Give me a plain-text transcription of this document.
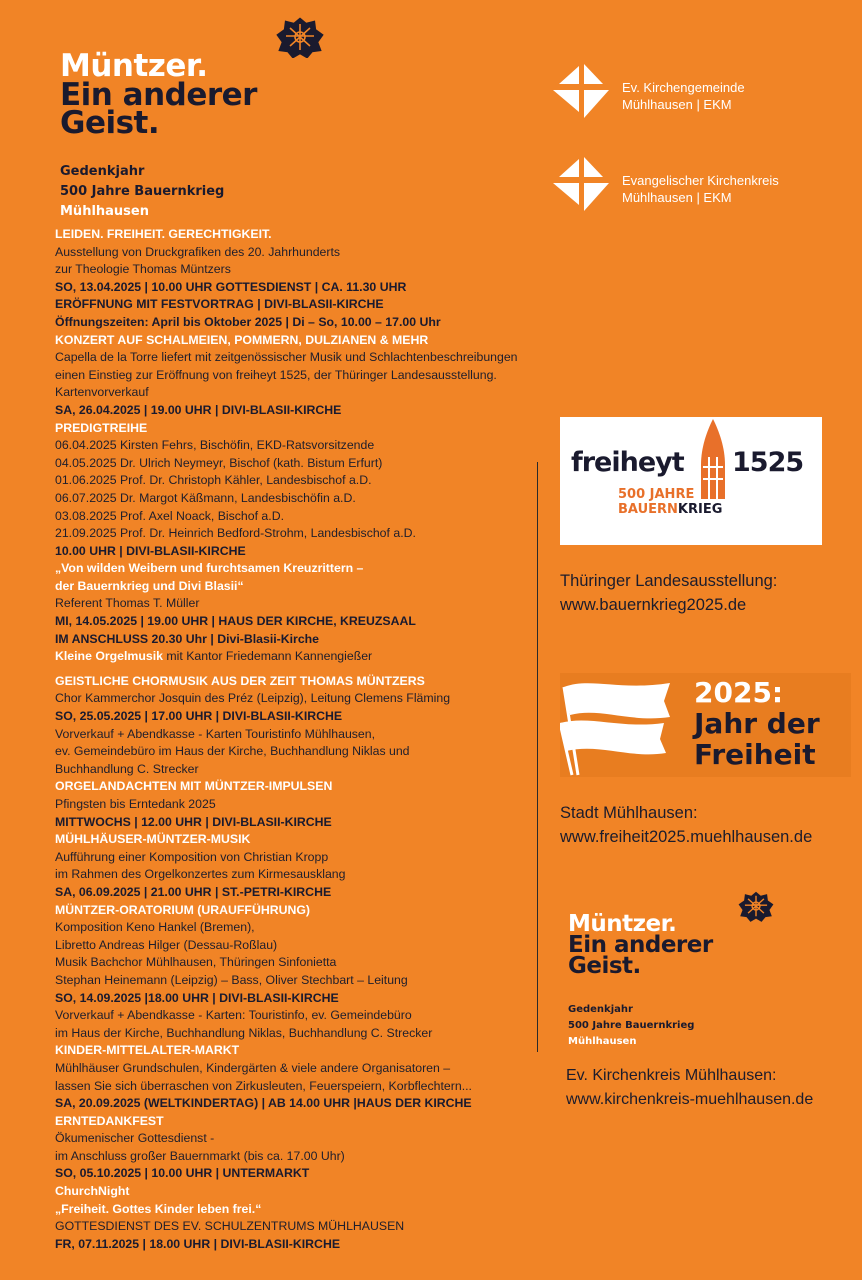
Müntzer.
Ein anderer
Geist.
Gedenkjahr
500 Jahre Bauernkrieg
Mühlhausen
Ev. Kirchengemeinde
Mühlhausen | EKM
Evangelischer Kirchenkreis
Mühlhausen | EKM
LEIDEN. FREIHEIT. GERECHTIGKEIT.
Ausstellung von Druckgrafiken des 20. Jahrhunderts
zur Theologie Thomas Müntzers
SO, 13.04.2025 | 10.00 UHR GOTTESDIENST | CA. 11.30 UHR
ERÖFFNUNG MIT FESTVORTRAG | DIVI-BLASII-KIRCHE
Öffnungszeiten: April bis Oktober 2025 | Di – So, 10.00 – 17.00 Uhr
KONZERT AUF SCHALMEIEN, POMMERN, DULZIANEN & MEHR
Capella de la Torre liefert mit zeitgenössischer Musik und Schlachtenbeschreibungen
einen Einstieg zur Eröffnung von freiheyt 1525, der Thüringer Landesausstellung.
Kartenvorverkauf
SA, 26.04.2025 | 19.00 UHR | DIVI-BLASII-KIRCHE
PREDIGTREIHE
06.04.2025 Kirsten Fehrs, Bischöfin, EKD-Ratsvorsitzende
04.05.2025 Dr. Ulrich Neymeyr, Bischof (kath. Bistum Erfurt)
01.06.2025 Prof. Dr. Christoph Kähler, Landesbischof a.D.
06.07.2025 Dr. Margot Käßmann, Landesbischöfin a.D.
03.08.2025 Prof. Axel Noack, Bischof a.D.
21.09.2025 Prof. Dr. Heinrich Bedford-Strohm, Landesbischof a.D.
10.00 UHR | DIVI-BLASII-KIRCHE
„Von wilden Weibern und furchtsamen Kreuzrittern –
der Bauernkrieg und Divi Blasii“
Referent Thomas T. Müller
MI, 14.05.2025 | 19.00 UHR | HAUS DER KIRCHE, KREUZSAAL
IM ANSCHLUSS 20.30 Uhr | Divi-Blasii-Kirche
Kleine Orgelmusik mit Kantor Friedemann Kannengießer
GEISTLICHE CHORMUSIK AUS DER ZEIT THOMAS MÜNTZERS
Chor Kammerchor Josquin des Préz (Leipzig), Leitung Clemens Fläming
SO, 25.05.2025 | 17.00 UHR | DIVI-BLASII-KIRCHE
Vorverkauf + Abendkasse - Karten Touristinfo Mühlhausen,
ev. Gemeindebüro im Haus der Kirche, Buchhandlung Niklas und
Buchhandlung C. Strecker
ORGELANDACHTEN MIT MÜNTZER-IMPULSEN
Pfingsten bis Erntedank 2025
MITTWOCHS | 12.00 UHR | DIVI-BLASII-KIRCHE
MÜHLHÄUSER-MÜNTZER-MUSIK
Aufführung einer Komposition von Christian Kropp
im Rahmen des Orgelkonzertes zum Kirmesausklang
SA, 06.09.2025 | 21.00 UHR | ST.-PETRI-KIRCHE
MÜNTZER-ORATORIUM (URAUFFÜHRUNG)
Komposition Keno Hankel (Bremen),
Libretto Andreas Hilger (Dessau-Roßlau)
Musik Bachchor Mühlhausen, Thüringen Sinfonietta
Stephan Heinemann (Leipzig) – Bass, Oliver Stechbart – Leitung
SO, 14.09.2025 |18.00 UHR | DIVI-BLASII-KIRCHE
Vorverkauf + Abendkasse - Karten: Touristinfo, ev. Gemeindebüro
im Haus der Kirche, Buchhandlung Niklas, Buchhandlung C. Strecker
KINDER-MITTELALTER-MARKT
Mühlhäuser Grundschulen, Kindergärten & viele andere Organisatoren –
lassen Sie sich überraschen von Zirkusleuten, Feuerspeiern, Korbflechtern...
SA, 20.09.2025 (WELTKINDERTAG) | AB 14.00 UHR |HAUS DER KIRCHE
ERNTEDANKFEST
Ökumenischer Gottesdienst -
im Anschluss großer Bauernmarkt (bis ca. 17.00 Uhr)
SO, 05.10.2025 | 10.00 UHR | UNTERMARKT
ChurchNight
„Freiheit. Gottes Kinder leben frei.“
GOTTESDIENST DES EV. SCHULZENTRUMS MÜHLHAUSEN
FR, 07.11.2025 | 18.00 UHR | DIVI-BLASII-KIRCHE
freiheyt 1525
500 JAHRE
BAUERNKRIEG
Thüringer Landesausstellung:
www.bauernkrieg2025.de
2025:
Jahr der
Freiheit
Stadt Mühlhausen:
www.freiheit2025.muehlhausen.de
Müntzer.
Ein anderer
Geist.
Gedenkjahr
500 Jahre Bauernkrieg
Mühlhausen
Ev. Kirchenkreis Mühlhausen:
www.kirchenkreis-muehlhausen.de
